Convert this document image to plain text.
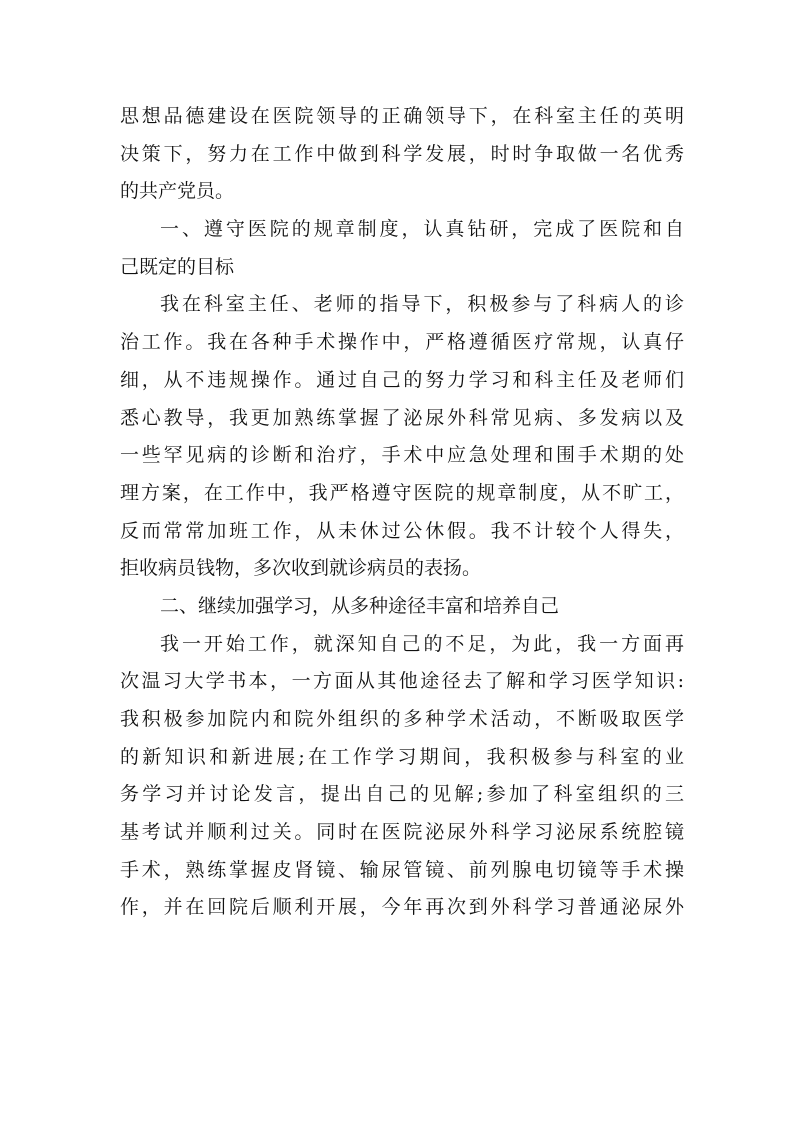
思想品德建设在医院领导的正确领导下，在科室主任的英明
决策下，努力在工作中做到科学发展，时时争取做一名优秀
的共产党员。
一、遵守医院的规章制度，认真钻研，完成了医院和自
己既定的目标
我在科室主任、老师的指导下，积极参与了科病人的诊
治工作。我在各种手术操作中，严格遵循医疗常规，认真仔
细，从不违规操作。通过自己的努力学习和科主任及老师们
悉心教导，我更加熟练掌握了泌尿外科常见病、多发病以及
一些罕见病的诊断和治疗，手术中应急处理和围手术期的处
理方案，在工作中，我严格遵守医院的规章制度，从不旷工，
反而常常加班工作，从未休过公休假。我不计较个人得失，
拒收病员钱物，多次收到就诊病员的表扬。
二、继续加强学习，从多种途径丰富和培养自己
我一开始工作，就深知自己的不足，为此，我一方面再
次温习大学书本，一方面从其他途径去了解和学习医学知识:
我积极参加院内和院外组织的多种学术活动，不断吸取医学
的新知识和新进展;在工作学习期间，我积极参与科室的业
务学习并讨论发言，提出自己的见解;参加了科室组织的三
基考试并顺利过关。同时在医院泌尿外科学习泌尿系统腔镜
手术，熟练掌握皮肾镜、输尿管镜、前列腺电切镜等手术操
作，并在回院后顺利开展，今年再次到外科学习普通泌尿外
